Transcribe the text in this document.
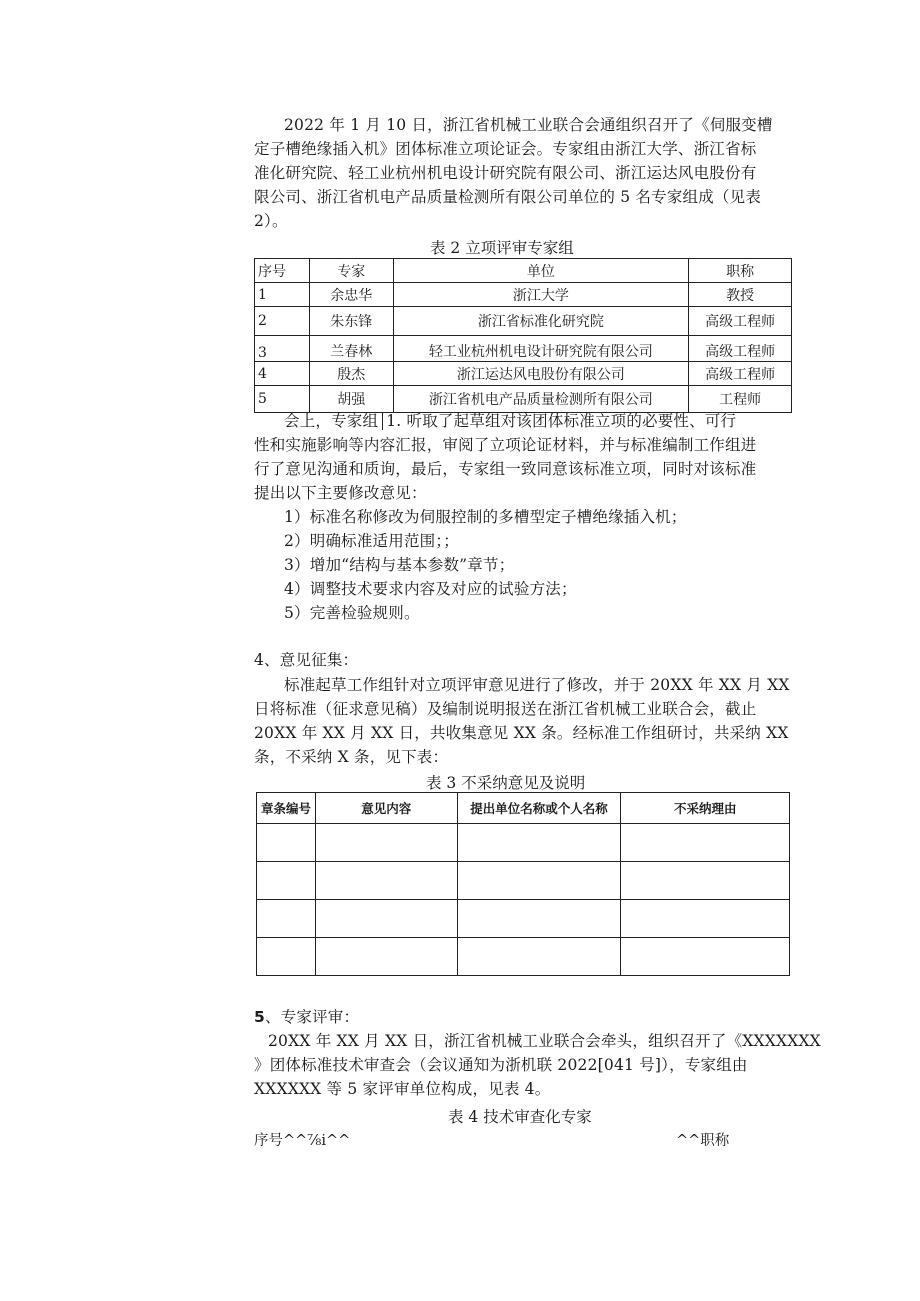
2022 年 1 月 10 日，浙江省机械工业联合会通组织召开了《伺服变槽
定子槽绝缘插入机》团体标准立项论证会。专家组由浙江大学、浙江省标
准化研究院、轻工业杭州机电设计研究院有限公司、浙江运达风电股份有
限公司、浙江省机电产品质量检测所有限公司单位的 5 名专家组成（见表
2）。
表 2 立项评审专家组
序号	专家	单位	职称
1	余忠华	浙江大学	教授
2	朱东锋	浙江省标准化研究院	高级工程师
3	兰春林	轻工业杭州机电设计研究院有限公司	高级工程师
4	殷杰	浙江运达风电股份有限公司	高级工程师
5	胡强	浙江省机电产品质量检测所有限公司	工程师
会上，专家组 1. 听取了起草组对该团体标准立项的必要性、可行
性和实施影响等内容汇报，审阅了立项论证材料，并与标准编制工作组进
行了意见沟通和质询，最后，专家组一致同意该标准立项，同时对该标准
提出以下主要修改意见：
1）标准名称修改为伺服控制的多槽型定子槽绝缘插入机；
2）明确标准适用范围；；
3）增加“结构与基本参数”章节；
4）调整技术要求内容及对应的试验方法；
5）完善检验规则。
4、意见征集：
标准起草工作组针对立项评审意见进行了修改，并于 20XX 年 XX 月 XX
日将标准（征求意见稿）及编制说明报送在浙江省机械工业联合会，截止
20XX 年 XX 月 XX 日，共收集意见 XX 条。经标准工作组研讨，共采纳 XX
条，不采纳 X 条，见下表：
表 3 不采纳意见及说明
章条编号	意见内容	提出单位名称或个人名称	不采纳理由

5、专家评审：
20XX 年 XX 月 XX 日，浙江省机械工业联合会牵头，组织召开了《XXXXXXX
》团体标准技术审查会（会议通知为浙机联 2022[041 号]），专家组由
XXXXXX 等 5 家评审单位构成，见表 4。
表 4 技术审查化专家
序号^^⅞i^^	^^职称
